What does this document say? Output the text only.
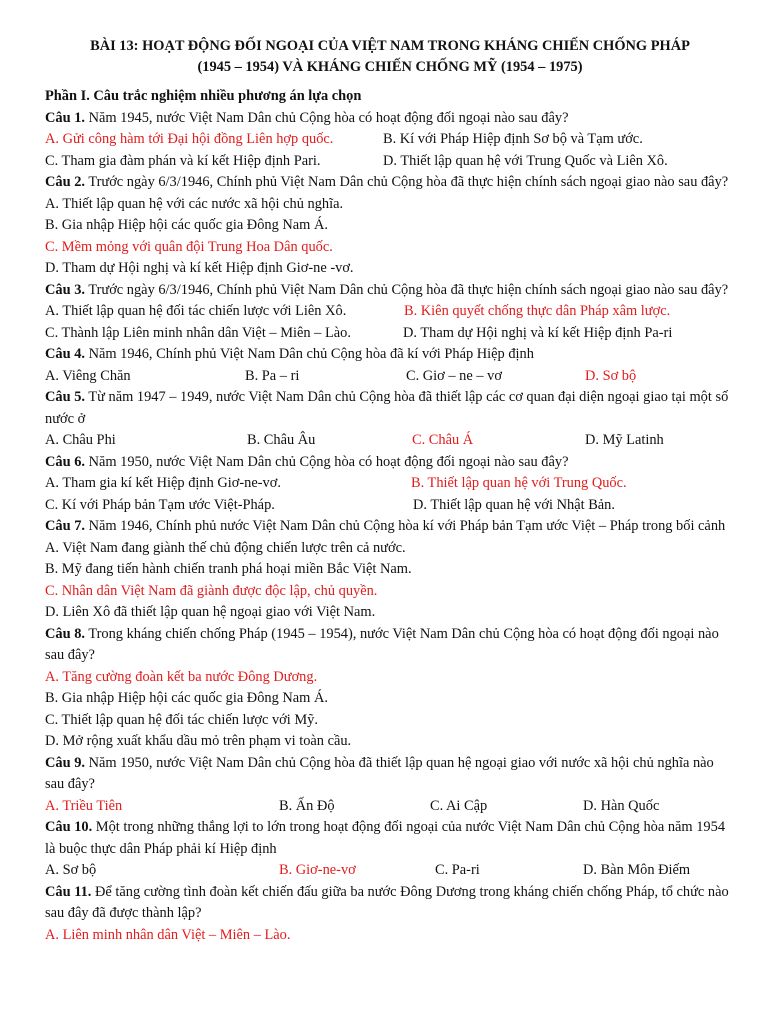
BÀI 13: HOẠT ĐỘNG ĐỐI NGOẠI CỦA VIỆT NAM TRONG KHÁNG CHIẾN CHỐNG PHÁP
(1945 – 1954) VÀ KHÁNG CHIẾN CHỐNG MỸ (1954 – 1975)
Phần I. Câu trắc nghiệm nhiều phương án lựa chọn
Câu 1. Năm 1945, nước Việt Nam Dân chủ Cộng hòa có hoạt động đối ngoại nào sau đây?
A. Gửi công hàm tới Đại hội đồng Liên hợp quốc.	B. Kí với Pháp Hiệp định Sơ bộ và Tạm ước.
C. Tham gia đàm phán và kí kết Hiệp định Pari.	D. Thiết lập quan hệ với Trung Quốc và Liên Xô.
Câu 2. Trước ngày 6/3/1946, Chính phủ Việt Nam Dân chủ Cộng hòa đã thực hiện chính sách ngoại giao nào sau đây?
A. Thiết lập quan hệ với các nước xã hội chủ nghĩa.
B. Gia nhập Hiệp hội các quốc gia Đông Nam Á.
C. Mềm mỏng với quân đội Trung Hoa Dân quốc.
D. Tham dự Hội nghị và kí kết Hiệp định Giơ-ne -vơ.
Câu 3. Trước ngày 6/3/1946, Chính phủ Việt Nam Dân chủ Cộng hòa đã thực hiện chính sách ngoại giao nào sau đây?
A. Thiết lập quan hệ đối tác chiến lược với Liên Xô.	B. Kiên quyết chống thực dân Pháp xâm lược.
C. Thành lập Liên minh nhân dân Việt – Miên – Lào.	D. Tham dự Hội nghị và kí kết Hiệp định Pa-ri
Câu 4. Năm 1946, Chính phủ Việt Nam Dân chủ Cộng hòa đã kí với Pháp Hiệp định
A. Viêng Chăn	B. Pa – ri	C. Giơ – ne – vơ	D. Sơ bộ
Câu 5. Từ năm 1947 – 1949, nước Việt Nam Dân chủ Cộng hòa đã thiết lập các cơ quan đại diện ngoại giao tại một số nước ở
A. Châu Phi	B. Châu Âu	C. Châu Á	D. Mỹ Latinh
Câu 6. Năm 1950, nước Việt Nam Dân chủ Cộng hòa có hoạt động đối ngoại nào sau đây?
A. Tham gia kí kết Hiệp định Giơ-ne-vơ.	B. Thiết lập quan hệ với Trung Quốc.
C. Kí với Pháp bản Tạm ước Việt-Pháp.	D. Thiết lập quan hệ với Nhật Bản.
Câu 7. Năm 1946, Chính phủ nước Việt Nam Dân chủ Cộng hòa kí với Pháp bản Tạm ước Việt – Pháp trong bối cảnh
A. Việt Nam đang giành thế chủ động chiến lược trên cả nước.
B. Mỹ đang tiến hành chiến tranh phá hoại miền Bắc Việt Nam.
C. Nhân dân Việt Nam đã giành được độc lập, chủ quyền.
D. Liên Xô đã thiết lập quan hệ ngoại giao với Việt Nam.
Câu 8. Trong kháng chiến chống Pháp (1945 – 1954), nước Việt Nam Dân chủ Cộng hòa có hoạt động đối ngoại nào sau đây?
A. Tăng cường đoàn kết ba nước Đông Dương.
B. Gia nhập Hiệp hội các quốc gia Đông Nam Á.
C. Thiết lập quan hệ đối tác chiến lược với Mỹ.
D. Mở rộng xuất khẩu dầu mỏ trên phạm vi toàn cầu.
Câu 9. Năm 1950, nước Việt Nam Dân chủ Cộng hòa đã thiết lập quan hệ ngoại giao với nước xã hội chủ nghĩa nào sau đây?
A. Triều Tiên	B. Ấn Độ	C. Ai Cập	D. Hàn Quốc
Câu 10. Một trong những thắng lợi to lớn trong hoạt động đối ngoại của nước Việt Nam Dân chủ Cộng hòa năm 1954 là buộc thực dân Pháp phải kí Hiệp định
A. Sơ bộ	B. Giơ-ne-vơ	C. Pa-ri	D. Bàn Môn Điếm
Câu 11. Để tăng cường tình đoàn kết chiến đấu giữa ba nước Đông Dương trong kháng chiến chống Pháp, tổ chức nào sau đây đã được thành lập?
A. Liên minh nhân dân Việt – Miên – Lào.
